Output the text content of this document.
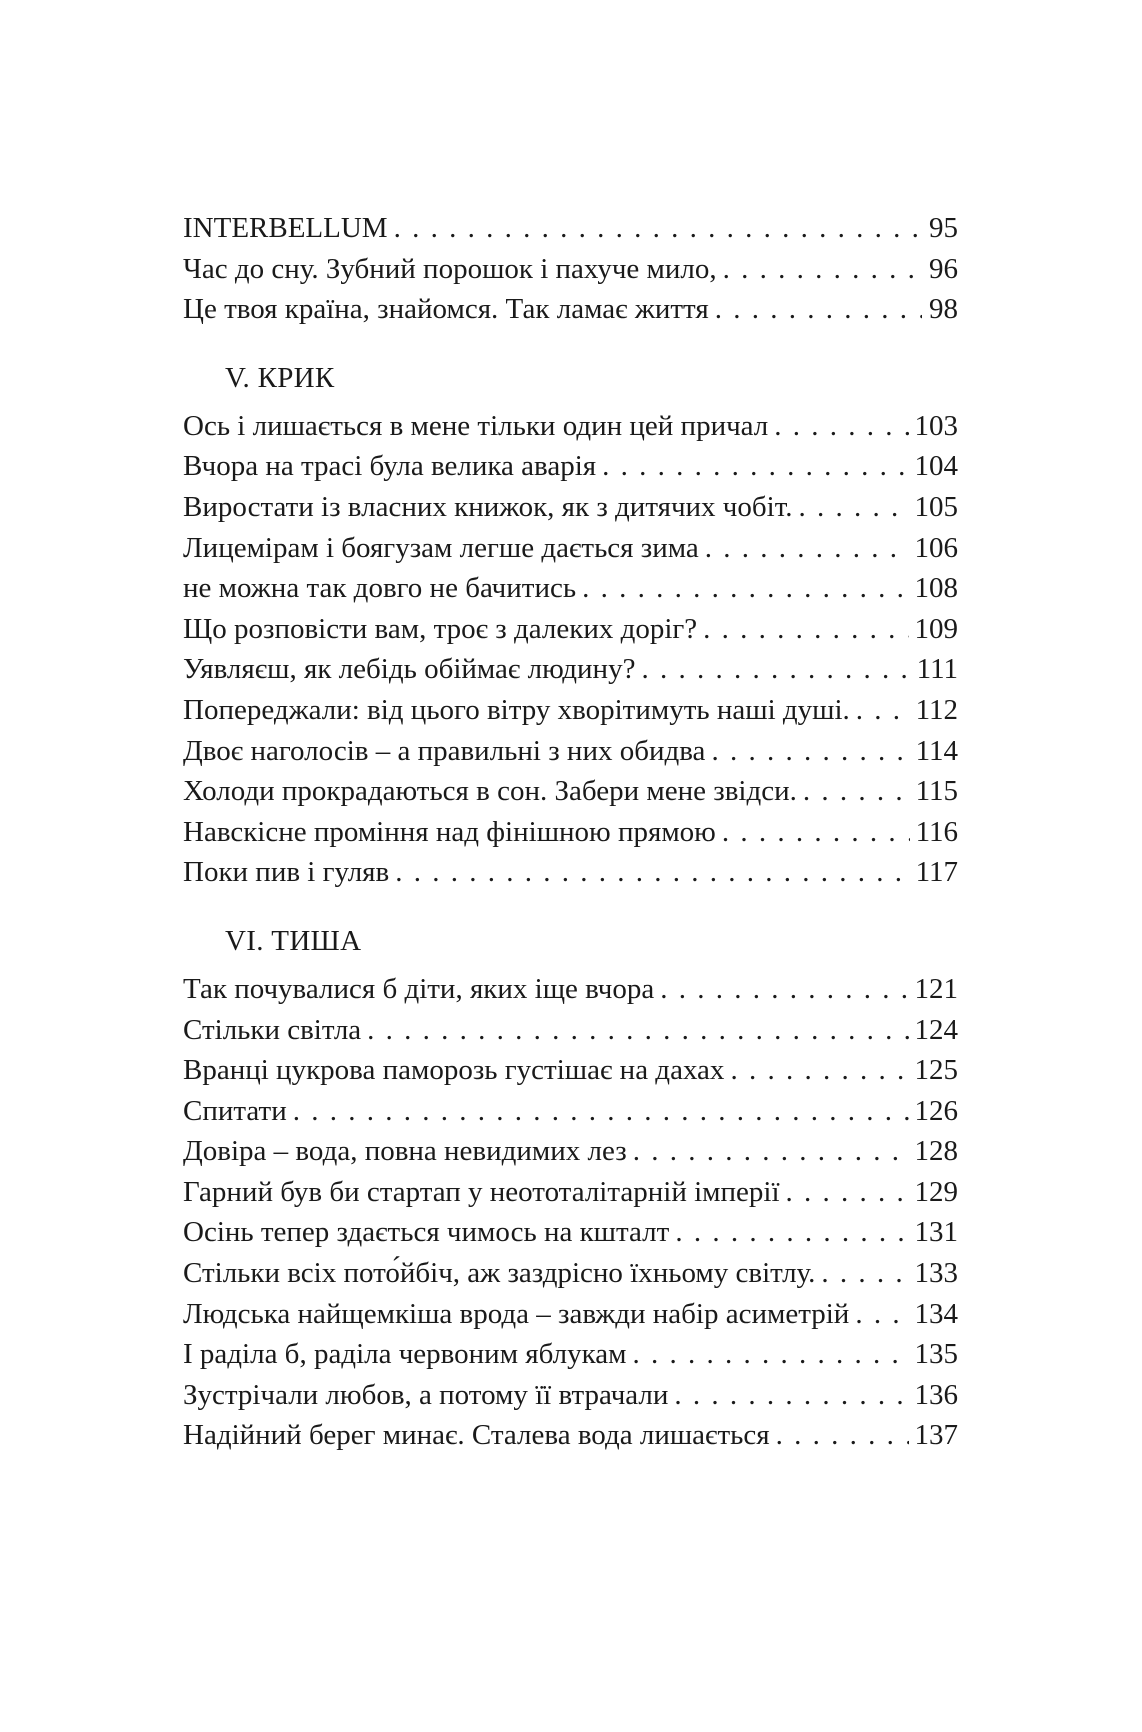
INTERBELLUM . . .	95
Час до сну. Зубний порошок і пахуче мило, . . .	96
Це твоя країна, знайомся. Так ламає життя . . .	98
V. КРИК
Ось і лишається в мене тільки один цей причал . . .	103
Вчора на трасі була велика аварія . . .	104
Виростати із власних книжок, як з дитячих чобіт. . . .	105
Лицемірам і боягузам легше дається зима . . .	106
не можна так довго не бачитись . . .	108
Що розповісти вам, троє з далеких доріг? . . .	109
Уявляєш, як лебідь обіймає людину? . . .	111
Попереджали: від цього вітру хворітимуть наші душі. . . . 112
Двоє наголосів – а правильні з них обидва . . .	114
Холоди прокрадаються в сон. Забери мене звідси. . . .	115
Навскісне проміння над фінішною прямою . . .	116
Поки пив і гуляв . . .	117
VI. ТИША
Так почувалися б діти, яких іще вчора . . .	121
Стільки світла . . .	124
Вранці цукрова паморозь густішає на дахах . . .	125
Спитати . . .	126
Довіра – вода, повна невидимих лез . . .	128
Гарний був би стартап у неототалітарній імперії . . .	129
Осінь тепер здається чимось на кшталт . . .	131
Стільки всіх пото́йбіч, аж заздрісно їхньому світлу. . . .	133
Людська найщемкіша врода – завжди набір асиметрій . . . 134
І раділа б, раділа червоним яблукам . . .	135
Зустрічали любов, а потому її втрачали . . .	136
Надійний берег минає. Сталева вода лишається . . .	137
